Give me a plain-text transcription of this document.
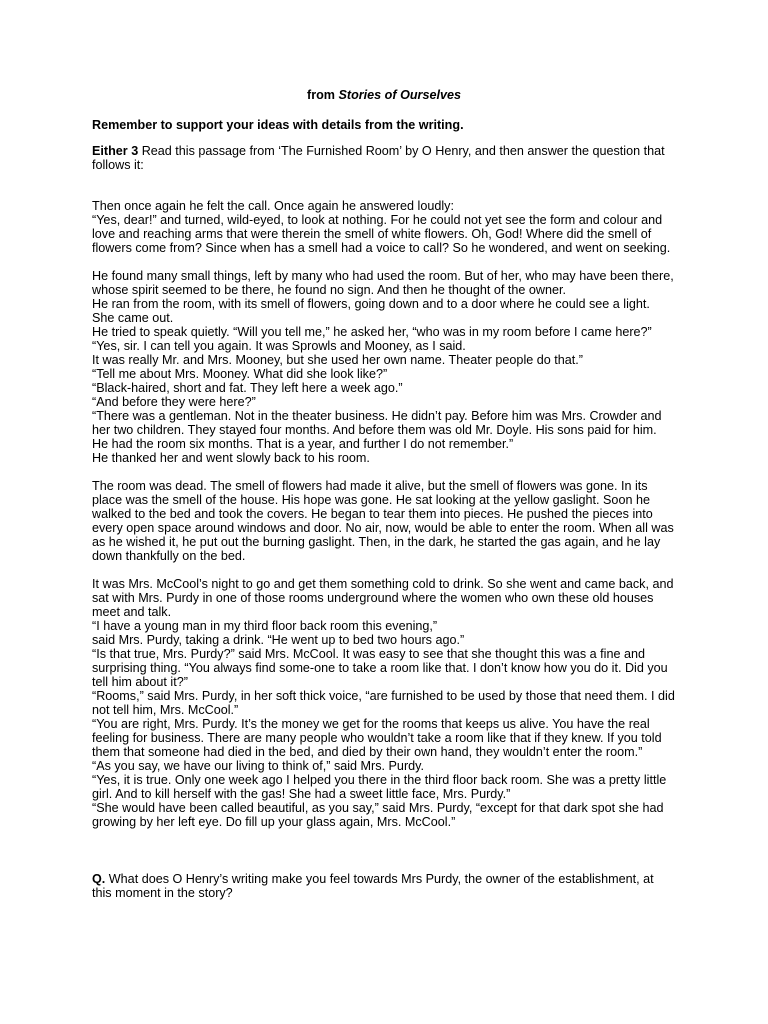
from Stories of Ourselves
Remember to support your ideas with details from the writing.
Either 3 Read this passage from ‘The Furnished Room’ by O Henry, and then answer the question that follows it:

Then once again he felt the call. Once again he answered loudly:
“Yes, dear!” and turned, wild-eyed, to look at nothing. For he could not yet see the form and colour and love and reaching arms that were therein the smell of white flowers. Oh, God! Where did the smell of flowers come from? Since when has a smell had a voice to call? So he wondered, and went on seeking.

He found many small things, left by many who had used the room. But of her, who may have been there, whose spirit seemed to be there, he found no sign. And then he thought of the owner.
He ran from the room, with its smell of flowers, going down and to a door where he could see a light. She came out.
He tried to speak quietly. “Will you tell me,” he asked her, “who was in my room before I came here?”
“Yes, sir. I can tell you again. It was Sprowls and Mooney, as I said.
It was really Mr. and Mrs. Mooney, but she used her own name. Theater people do that.”
“Tell me about Mrs. Mooney. What did she look like?”
“Black-haired, short and fat. They left here a week ago.”
“And before they were here?”
“There was a gentleman. Not in the theater business. He didn’t pay. Before him was Mrs. Crowder and her two children. They stayed four months. And before them was old Mr. Doyle. His sons paid for him. He had the room six months. That is a year, and further I do not remember.”
He thanked her and went slowly back to his room.

The room was dead. The smell of flowers had made it alive, but the smell of flowers was gone. In its place was the smell of the house. His hope was gone. He sat looking at the yellow gaslight. Soon he walked to the bed and took the covers. He began to tear them into pieces. He pushed the pieces into every open space around windows and door. No air, now, would be able to enter the room. When all was as he wished it, he put out the burning gaslight. Then, in the dark, he started the gas again, and he lay down thankfully on the bed.

It was Mrs. McCool’s night to go and get them something cold to drink. So she went and came back, and sat with Mrs. Purdy in one of those rooms underground where the women who own these old houses meet and talk.
“I have a young man in my third floor back room this evening,”
said Mrs. Purdy, taking a drink. “He went up to bed two hours ago.”
“Is that true, Mrs. Purdy?” said Mrs. McCool. It was easy to see that she thought this was a fine and surprising thing. “You always find some-one to take a room like that. I don’t know how you do it. Did you tell him about it?”
“Rooms,” said Mrs. Purdy, in her soft thick voice, “are furnished to be used by those that need them. I did not tell him, Mrs. McCool.”
“You are right, Mrs. Purdy. It’s the money we get for the rooms that keeps us alive. You have the real feeling for business. There are many people who wouldn’t take a room like that if they knew. If you told them that someone had died in the bed, and died by their own hand, they wouldn’t enter the room.”
“As you say, we have our living to think of,” said Mrs. Purdy.
“Yes, it is true. Only one week ago I helped you there in the third floor back room. She was a pretty little girl. And to kill herself with the gas! She had a sweet little face, Mrs. Purdy.”
“She would have been called beautiful, as you say,” said Mrs. Purdy, “except for that dark spot she had growing by her left eye. Do fill up your glass again, Mrs. McCool.”

Q. What does O Henry’s writing make you feel towards Mrs Purdy, the owner of the establishment, at this moment in the story?
